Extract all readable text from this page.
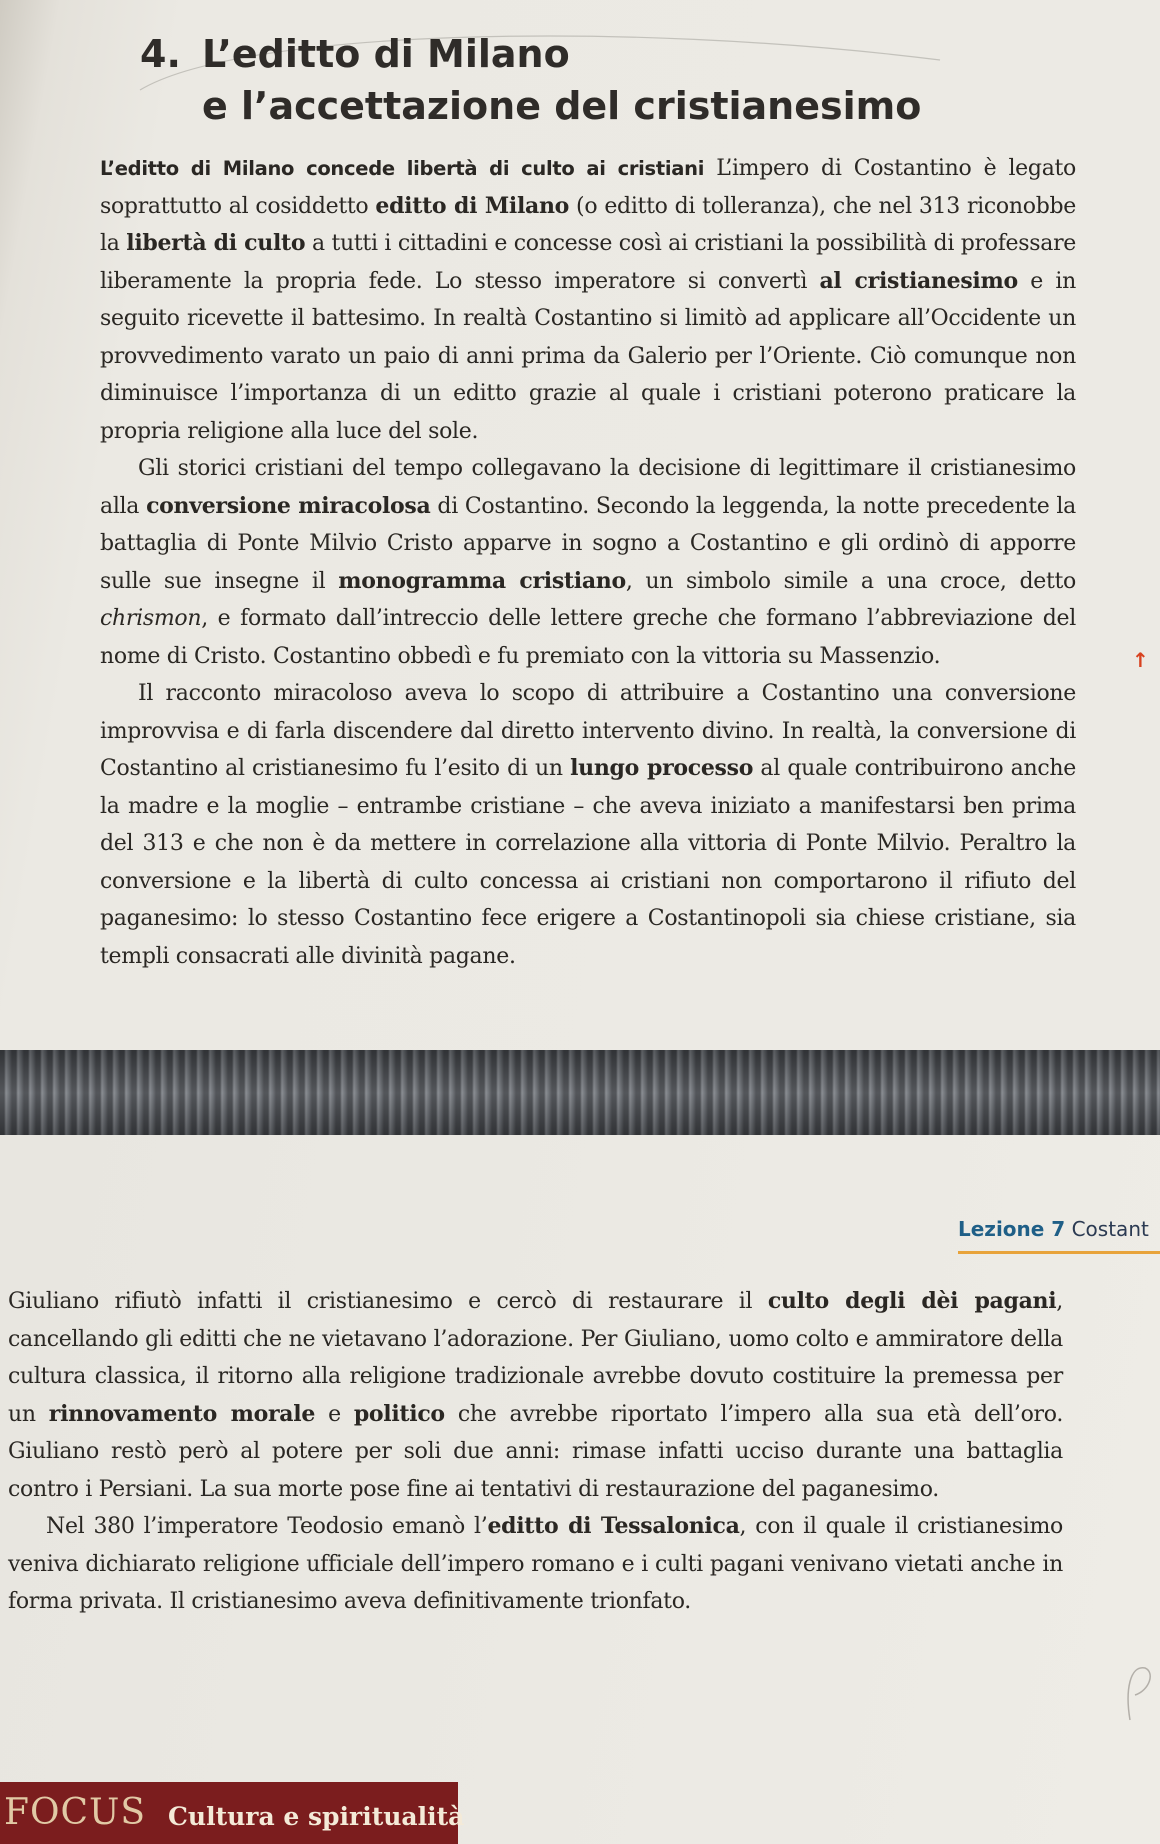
4. L’editto di Milano
e l’accettazione del cristianesimo

L’editto di Milano concede libertà di culto ai cristiani L’impero di Costantino è legato soprattutto al cosiddetto editto di Milano (o editto di tolleranza), che nel 313 riconobbe la libertà di culto a tutti i cittadini e concesse così ai cristiani la possibilità di professare liberamente la propria fede. Lo stesso imperatore si convertì al cristianesimo e in seguito ricevette il battesimo. In realtà Costantino si limitò ad applicare all’Occidente un provvedimento varato un paio di anni prima da Galerio per l’Oriente. Ciò comunque non diminuisce l’importanza di un editto grazie al quale i cristiani poterono praticare la propria religione alla luce del sole.

Gli storici cristiani del tempo collegavano la decisione di legittimare il cristianesimo alla conversione miracolosa di Costantino. Secondo la leggenda, la notte precedente la battaglia di Ponte Milvio Cristo apparve in sogno a Costantino e gli ordinò di apporre sulle sue insegne il monogramma cristiano, un simbolo simile a una croce, detto chrismon, e formato dall’intreccio delle lettere greche che formano l’abbreviazione del nome di Cristo. Costantino obbedì e fu premiato con la vittoria su Massenzio.

Il racconto miracoloso aveva lo scopo di attribuire a Costantino una conversione improvvisa e di farla discendere dal diretto intervento divino. In realtà, la conversione di Costantino al cristianesimo fu l’esito di un lungo processo al quale contribuirono anche la madre e la moglie – entrambe cristiane – che aveva iniziato a manifestarsi ben prima del 313 e che non è da mettere in correlazione alla vittoria di Ponte Milvio. Peraltro la conversione e la libertà di culto concessa ai cristiani non comportarono il rifiuto del paganesimo: lo stesso Costantino fece erigere a Costantinopoli sia chiese cristiane, sia templi consacrati alle divinità pagane.

↑
Lezione 7 Costant

Giuliano rifiutò infatti il cristianesimo e cercò di restaurare il culto degli dèi pagani, cancellando gli editti che ne vietavano l’adorazione. Per Giuliano, uomo colto e ammiratore della cultura classica, il ritorno alla religione tradizionale avrebbe dovuto costituire la premessa per un rinnovamento morale e politico che avrebbe riportato l’impero alla sua età dell’oro. Giuliano restò però al potere per soli due anni: rimase infatti ucciso durante una battaglia contro i Persiani. La sua morte pose fine ai tentativi di restaurazione del paganesimo.

Nel 380 l’imperatore Teodosio emanò l’editto di Tessalonica, con il quale il cristianesimo veniva dichiarato religione ufficiale dell’impero romano e i culti pagani venivano vietati anche in forma privata. Il cristianesimo aveva definitivamente trionfato.

FOCUS Cultura e spiritualità
